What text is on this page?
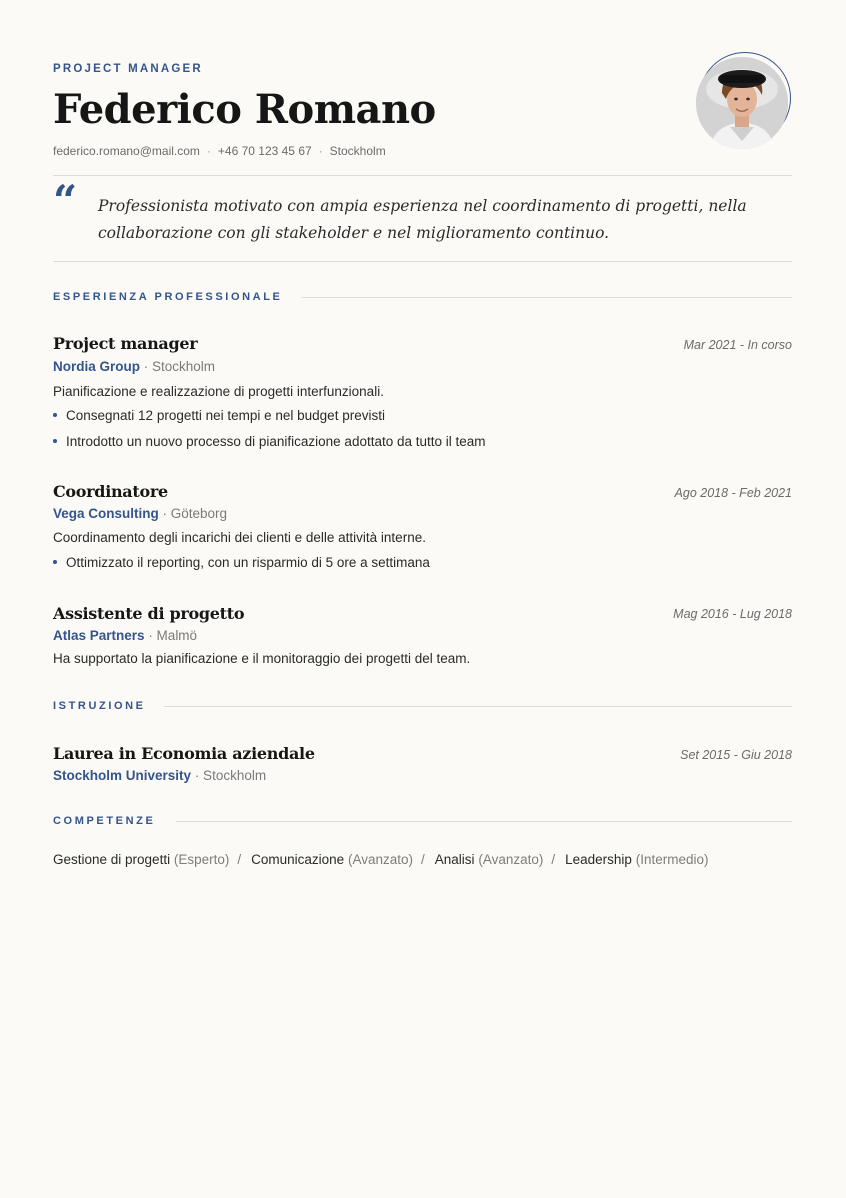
PROJECT MANAGER
Federico Romano
federico.romano@mail.com · +46 70 123 45 67 · Stockholm
“ Professionista motivato con ampia esperienza nel coordinamento di progetti, nella collaborazione con gli stakeholder e nel miglioramento continuo.
ESPERIENZA PROFESSIONALE
Project manager	Mar 2021 - In corso
Nordia Group · Stockholm
Pianificazione e realizzazione di progetti interfunzionali.
Consegnati 12 progetti nei tempi e nel budget previsti
Introdotto un nuovo processo di pianificazione adottato da tutto il team
Coordinatore	Ago 2018 - Feb 2021
Vega Consulting · Göteborg
Coordinamento degli incarichi dei clienti e delle attività interne.
Ottimizzato il reporting, con un risparmio di 5 ore a settimana
Assistente di progetto	Mag 2016 - Lug 2018
Atlas Partners · Malmö
Ha supportato la pianificazione e il monitoraggio dei progetti del team.
ISTRUZIONE
Laurea in Economia aziendale	Set 2015 - Giu 2018
Stockholm University · Stockholm
COMPETENZE
Gestione di progetti (Esperto) / Comunicazione (Avanzato) / Analisi (Avanzato) / Leadership (Intermedio)
